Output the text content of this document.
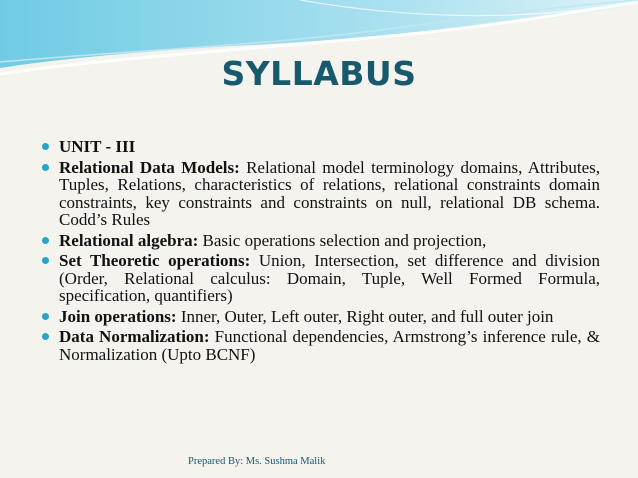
SYLLABUS
UNIT - III
Relational Data Models: Relational model terminology domains, Attributes, Tuples, Relations, characteristics of relations, relational constraints domain constraints, key constraints and constraints on null, relational DB schema. Codd’s Rules
Relational algebra: Basic operations selection and projection,
Set Theoretic operations: Union, Intersection, set difference and division (Order, Relational calculus: Domain, Tuple, Well Formed Formula, specification, quantifiers)
Join operations: Inner, Outer, Left outer, Right outer, and full outer join
Data Normalization: Functional dependencies, Armstrong’s inference rule, & Normalization (Upto BCNF)
Prepared By: Ms. Sushma Malik
